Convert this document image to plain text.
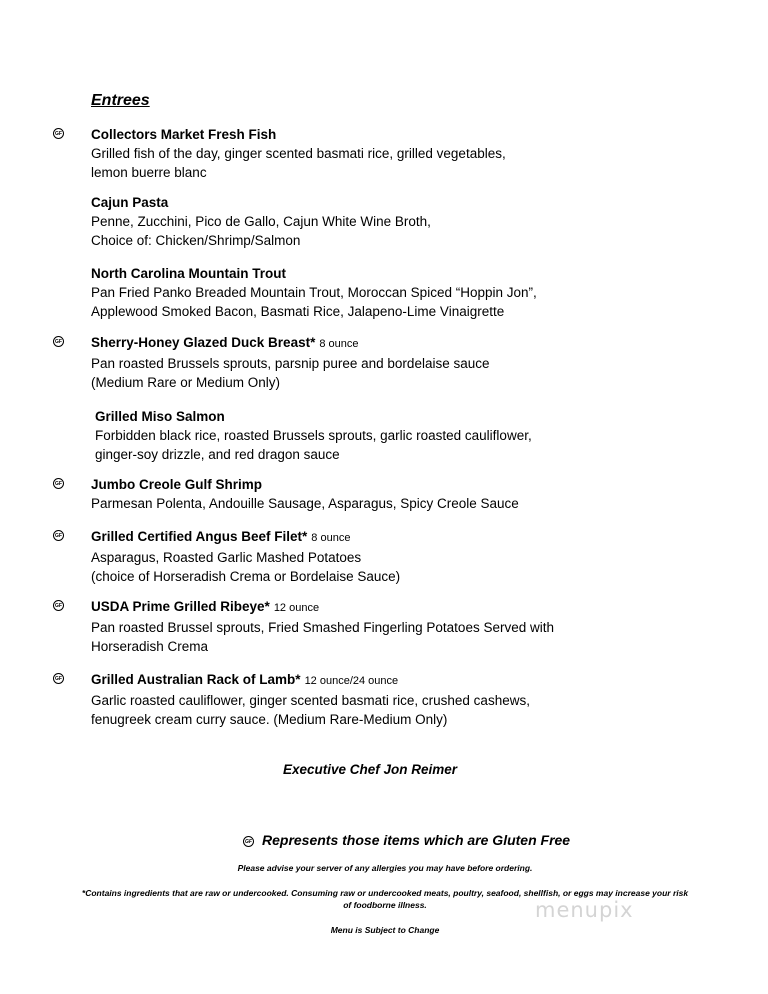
Entrees
GF Collectors Market Fresh Fish
Grilled fish of the day, ginger scented basmati rice, grilled vegetables,
lemon buerre blanc
Cajun Pasta
Penne, Zucchini, Pico de Gallo, Cajun White Wine Broth,
Choice of: Chicken/Shrimp/Salmon
North Carolina Mountain Trout
Pan Fried Panko Breaded Mountain Trout, Moroccan Spiced “Hoppin Jon”,
Applewood Smoked Bacon, Basmati Rice, Jalapeno-Lime Vinaigrette
GF Sherry-Honey Glazed Duck Breast* 8 ounce
Pan roasted Brussels sprouts, parsnip puree and bordelaise sauce
(Medium Rare or Medium Only)
Grilled Miso Salmon
Forbidden black rice, roasted Brussels sprouts, garlic roasted cauliflower,
ginger-soy drizzle, and red dragon sauce
GF Jumbo Creole Gulf Shrimp
Parmesan Polenta, Andouille Sausage, Asparagus, Spicy Creole Sauce
GF Grilled Certified Angus Beef Filet* 8 ounce
Asparagus, Roasted Garlic Mashed Potatoes
(choice of Horseradish Crema or Bordelaise Sauce)
GF USDA Prime Grilled Ribeye* 12 ounce
Pan roasted Brussel sprouts, Fried Smashed Fingerling Potatoes Served with
Horseradish Crema
GF Grilled Australian Rack of Lamb* 12 ounce/24 ounce
Garlic roasted cauliflower, ginger scented basmati rice, crushed cashews,
fenugreek cream curry sauce. (Medium Rare-Medium Only)
Executive Chef Jon Reimer
GF Represents those items which are Gluten Free
Please advise your server of any allergies you may have before ordering.
*Contains ingredients that are raw or undercooked. Consuming raw or undercooked meats, poultry, seafood, shellfish, or eggs may increase your risk of foodborne illness.
Menu is Subject to Change
menupix
